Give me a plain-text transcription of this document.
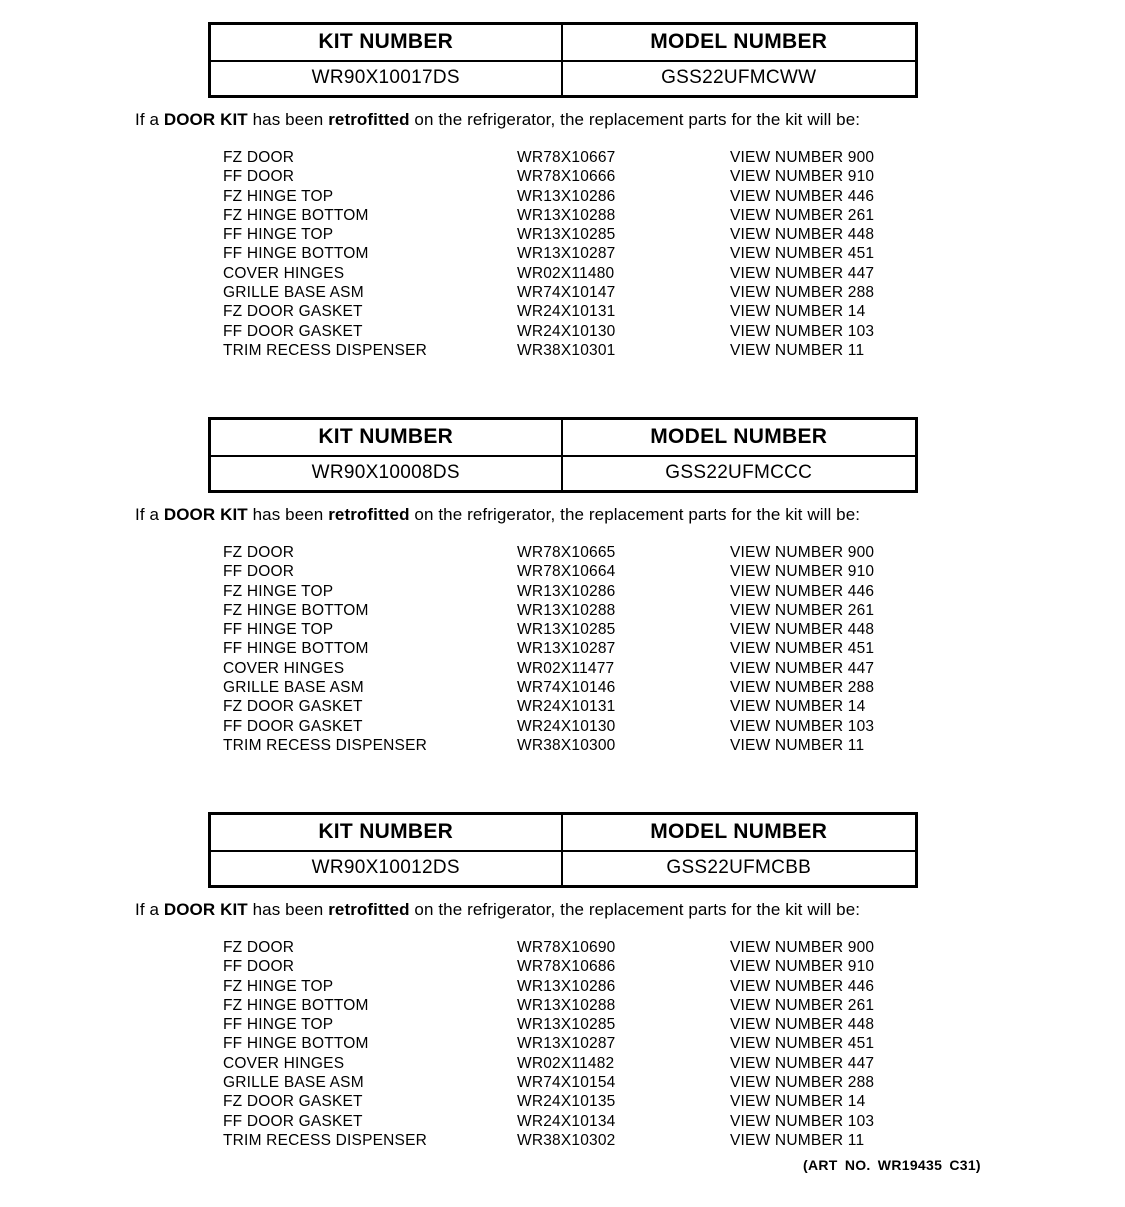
KIT NUMBER	MODEL NUMBER
WR90X10017DS	GSS22UFMCWW

If a DOOR KIT has been retrofitted on the refrigerator, the replacement parts for the kit will be:

FZ DOOR	WR78X10667	VIEW NUMBER 900
FF DOOR	WR78X10666	VIEW NUMBER 910
FZ HINGE TOP	WR13X10286	VIEW NUMBER 446
FZ HINGE BOTTOM	WR13X10288	VIEW NUMBER 261
FF HINGE TOP	WR13X10285	VIEW NUMBER 448
FF HINGE BOTTOM	WR13X10287	VIEW NUMBER 451
COVER HINGES	WR02X11480	VIEW NUMBER 447
GRILLE BASE ASM	WR74X10147	VIEW NUMBER 288
FZ DOOR GASKET	WR24X10131	VIEW NUMBER 14
FF DOOR GASKET	WR24X10130	VIEW NUMBER 103
TRIM RECESS DISPENSER	WR38X10301	VIEW NUMBER 11
KIT NUMBER	MODEL NUMBER
WR90X10008DS	GSS22UFMCCC

If a DOOR KIT has been retrofitted on the refrigerator, the replacement parts for the kit will be:

FZ DOOR	WR78X10665	VIEW NUMBER 900
FF DOOR	WR78X10664	VIEW NUMBER 910
FZ HINGE TOP	WR13X10286	VIEW NUMBER 446
FZ HINGE BOTTOM	WR13X10288	VIEW NUMBER 261
FF HINGE TOP	WR13X10285	VIEW NUMBER 448
FF HINGE BOTTOM	WR13X10287	VIEW NUMBER 451
COVER HINGES	WR02X11477	VIEW NUMBER 447
GRILLE BASE ASM	WR74X10146	VIEW NUMBER 288
FZ DOOR GASKET	WR24X10131	VIEW NUMBER 14
FF DOOR GASKET	WR24X10130	VIEW NUMBER 103
TRIM RECESS DISPENSER	WR38X10300	VIEW NUMBER 11
KIT NUMBER	MODEL NUMBER
WR90X10012DS	GSS22UFMCBB

If a DOOR KIT has been retrofitted on the refrigerator, the replacement parts for the kit will be:

FZ DOOR	WR78X10690	VIEW NUMBER 900
FF DOOR	WR78X10686	VIEW NUMBER 910
FZ HINGE TOP	WR13X10286	VIEW NUMBER 446
FZ HINGE BOTTOM	WR13X10288	VIEW NUMBER 261
FF HINGE TOP	WR13X10285	VIEW NUMBER 448
FF HINGE BOTTOM	WR13X10287	VIEW NUMBER 451
COVER HINGES	WR02X11482	VIEW NUMBER 447
GRILLE BASE ASM	WR74X10154	VIEW NUMBER 288
FZ DOOR GASKET	WR24X10135	VIEW NUMBER 14
FF DOOR GASKET	WR24X10134	VIEW NUMBER 103
TRIM RECESS DISPENSER	WR38X10302	VIEW NUMBER 11
(ART NO. WR19435 C31)
